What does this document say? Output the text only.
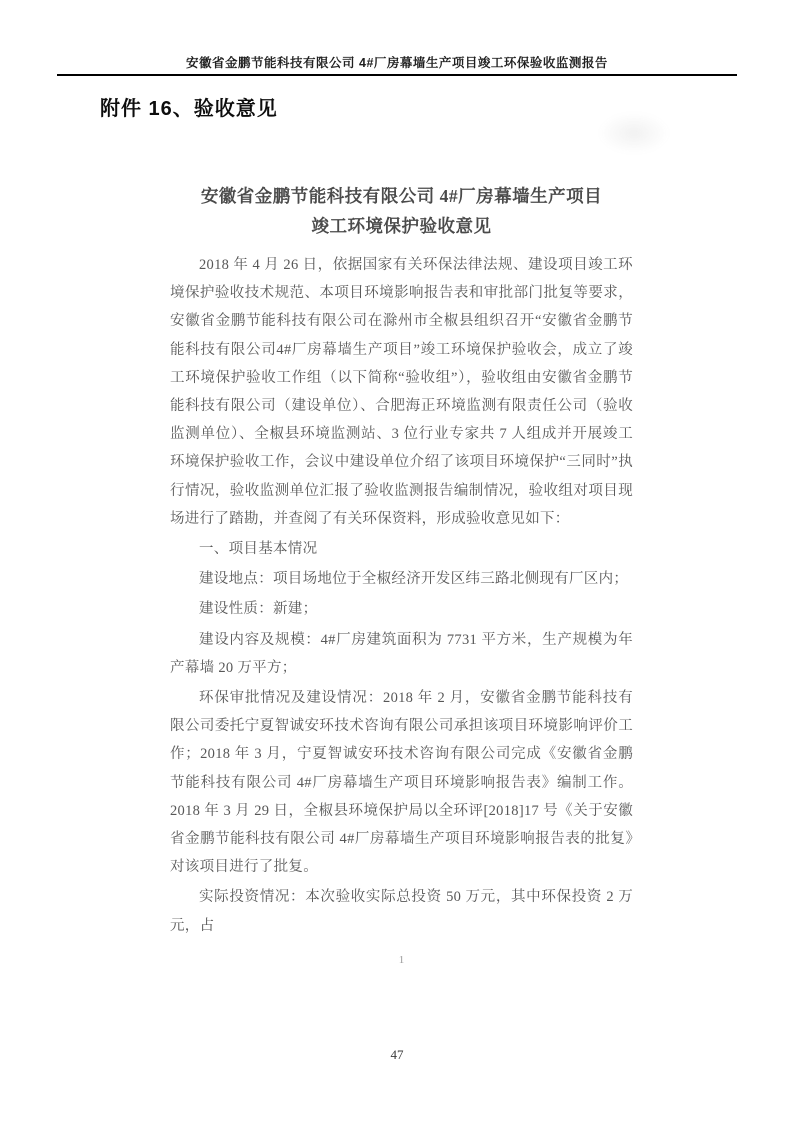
安徽省金鹏节能科技有限公司 4#厂房幕墙生产项目竣工环保验收监测报告
附件 16、验收意见
安徽省金鹏节能科技有限公司 4#厂房幕墙生产项目
竣工环境保护验收意见

2018 年 4 月 26 日，依据国家有关环保法律法规、建设项目竣工环境保护验收技术规范、本项目环境影响报告表和审批部门批复等要求，安徽省金鹏节能科技有限公司在滁州市全椒县组织召开“安徽省金鹏节能科技有限公司4#厂房幕墙生产项目”竣工环境保护验收会，成立了竣工环境保护验收工作组（以下简称“验收组”），验收组由安徽省金鹏节能科技有限公司（建设单位）、合肥海正环境监测有限责任公司（验收监测单位）、全椒县环境监测站、3 位行业专家共 7 人组成并开展竣工环境保护验收工作，会议中建设单位介绍了该项目环境保护“三同时”执行情况，验收监测单位汇报了验收监测报告编制情况，验收组对项目现场进行了踏勘，并查阅了有关环保资料，形成验收意见如下：

一、项目基本情况

建设地点：项目场地位于全椒经济开发区纬三路北侧现有厂区内；

建设性质：新建；

建设内容及规模：4#厂房建筑面积为 7731 平方米，生产规模为年产幕墙 20 万平方；

环保审批情况及建设情况：2018 年 2 月，安徽省金鹏节能科技有限公司委托宁夏智诚安环技术咨询有限公司承担该项目环境影响评价工作；2018 年 3 月，宁夏智诚安环技术咨询有限公司完成《安徽省金鹏节能科技有限公司 4#厂房幕墙生产项目环境影响报告表》编制工作。2018 年 3 月 29 日，全椒县环境保护局以全环评[2018]17 号《关于安徽省金鹏节能科技有限公司 4#厂房幕墙生产项目环境影响报告表的批复》对该项目进行了批复。

实际投资情况：本次验收实际总投资 50 万元，其中环保投资 2 万元，占

1
47
